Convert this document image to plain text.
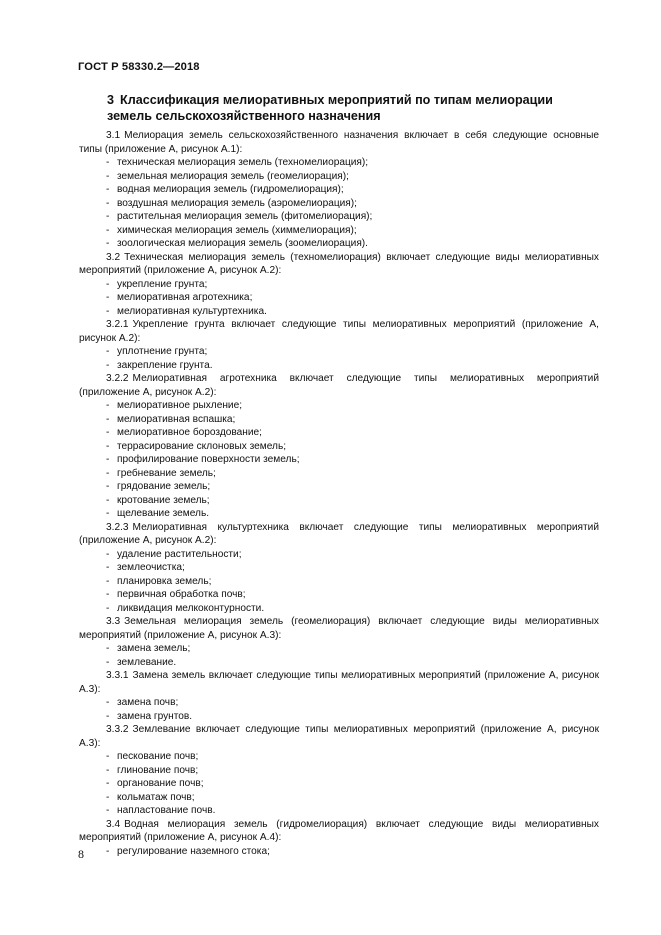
ГОСТ Р 58330.2—2018
3 Классификация мелиоративных мероприятий по типам мелиорации земель сельскохозяйственного назначения

3.1 Мелиорация земель сельскохозяйственного назначения включает в себя следующие основные типы (приложение А, рисунок А.1):

- техническая мелиорация земель (техномелиорация);
- земельная мелиорация земель (геомелиорация);
- водная мелиорация земель (гидромелиорация);
- воздушная мелиорация земель (аэромелиорация);
- растительная мелиорация земель (фитомелиорация);
- химическая мелиорация земель (химмелиорация);
- зоологическая мелиорация земель (зоомелиорация).

3.2 Техническая мелиорация земель (техномелиорация) включает следующие виды мелиоративных мероприятий (приложение А, рисунок А.2):

- укрепление грунта;
- мелиоративная агротехника;
- мелиоративная культуртехника.

3.2.1 Укрепление грунта включает следующие типы мелиоративных мероприятий (приложение А, рисунок А.2):

- уплотнение грунта;
- закрепление грунта.

3.2.2 Мелиоративная агротехника включает следующие типы мелиоративных мероприятий (приложение А, рисунок А.2):

- мелиоративное рыхление;
- мелиоративная вспашка;
- мелиоративное бороздование;
- террасирование склоновых земель;
- профилирование поверхности земель;
- гребневание земель;
- грядование земель;
- кротование земель;
- щелевание земель.

3.2.3 Мелиоративная культуртехника включает следующие типы мелиоративных мероприятий (приложение А, рисунок А.2):

- удаление растительности;
- землеочистка;
- планировка земель;
- первичная обработка почв;
- ликвидация мелкоконтурности.

3.3 Земельная мелиорация земель (геомелиорация) включает следующие виды мелиоративных мероприятий (приложение А, рисунок А.3):

- замена земель;
- землевание.

3.3.1 Замена земель включает следующие типы мелиоративных мероприятий (приложение А, рисунок А.3):

- замена почв;
- замена грунтов.

3.3.2 Землевание включает следующие типы мелиоративных мероприятий (приложение А, рисунок А.3):

- пескование почв;
- глинование почв;
- органование почв;
- кольматаж почв;
- напластование почв.

3.4 Водная мелиорация земель (гидромелиорация) включает следующие виды мелиоративных мероприятий (приложение А, рисунок А.4):

- регулирование наземного стока;
8
